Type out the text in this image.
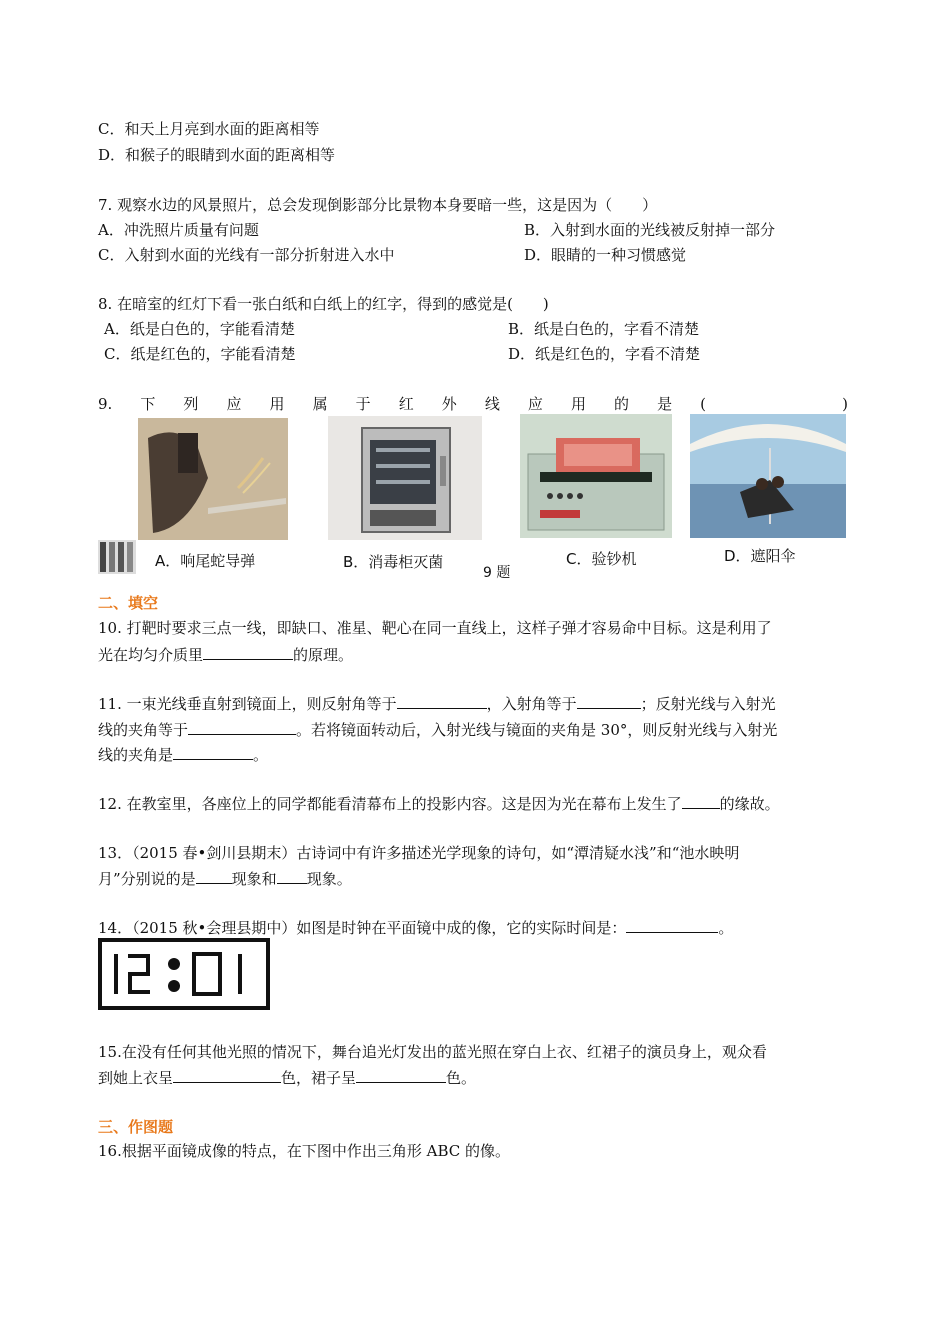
C．和天上月亮到水面的距离相等
D．和猴子的眼睛到水面的距离相等
7. 观察水边的风景照片，总会发现倒影部分比景物本身要暗一些，这是因为（　　）
A．冲洗照片质量有问题	B．入射到水面的光线被反射掉一部分
C．入射到水面的光线有一部分折射进入水中	D．眼睛的一种习惯感觉
8. 在暗室的红灯下看一张白纸和白纸上的红字，得到的感觉是(　　)
A．纸是白色的，字能看清楚	B．纸是白色的，字看不清楚
C．纸是红色的，字能看清楚	D．纸是红色的，字看不清楚
9. 下 列 应 用 属 于 红 外 线 应 用 的 是 (	)
A．响尾蛇导弹	B．消毒柜灭菌
9 题
C．验钞机	D．遮阳伞
二、填空
10. 打靶时要求三点一线，即缺口、准星、靶心在同一直线上，这样子弹才容易命中目标。这是利用了
光在均匀介质里	的原理。
11. 一束光线垂直射到镜面上，则反射角等于	，入射角等于	；反射光线与入射光
线的夹角等于	。若将镜面转动后，入射光线与镜面的夹角是 30°，则反射光线与入射光
线的夹角是	。
12. 在教室里，各座位上的同学都能看清幕布上的投影内容。这是因为光在幕布上发生了	的缘故。
13．（2015 春•剑川县期末）古诗词中有许多描述光学现象的诗句，如“潭清疑水浅”和“池水映明
月”分别说的是 现象和 现象。
14．（2015 秋•会理县期中）如图是时钟在平面镜中成的像，它的实际时间是：	。
15.在没有任何其他光照的情况下，舞台追光灯发出的蓝光照在穿白上衣、红裙子的演员身上，观众看
到她上衣呈	色，裙子呈	色。
三、作图题
16.根据平面镜成像的特点，在下图中作出三角形 ABC 的像。
